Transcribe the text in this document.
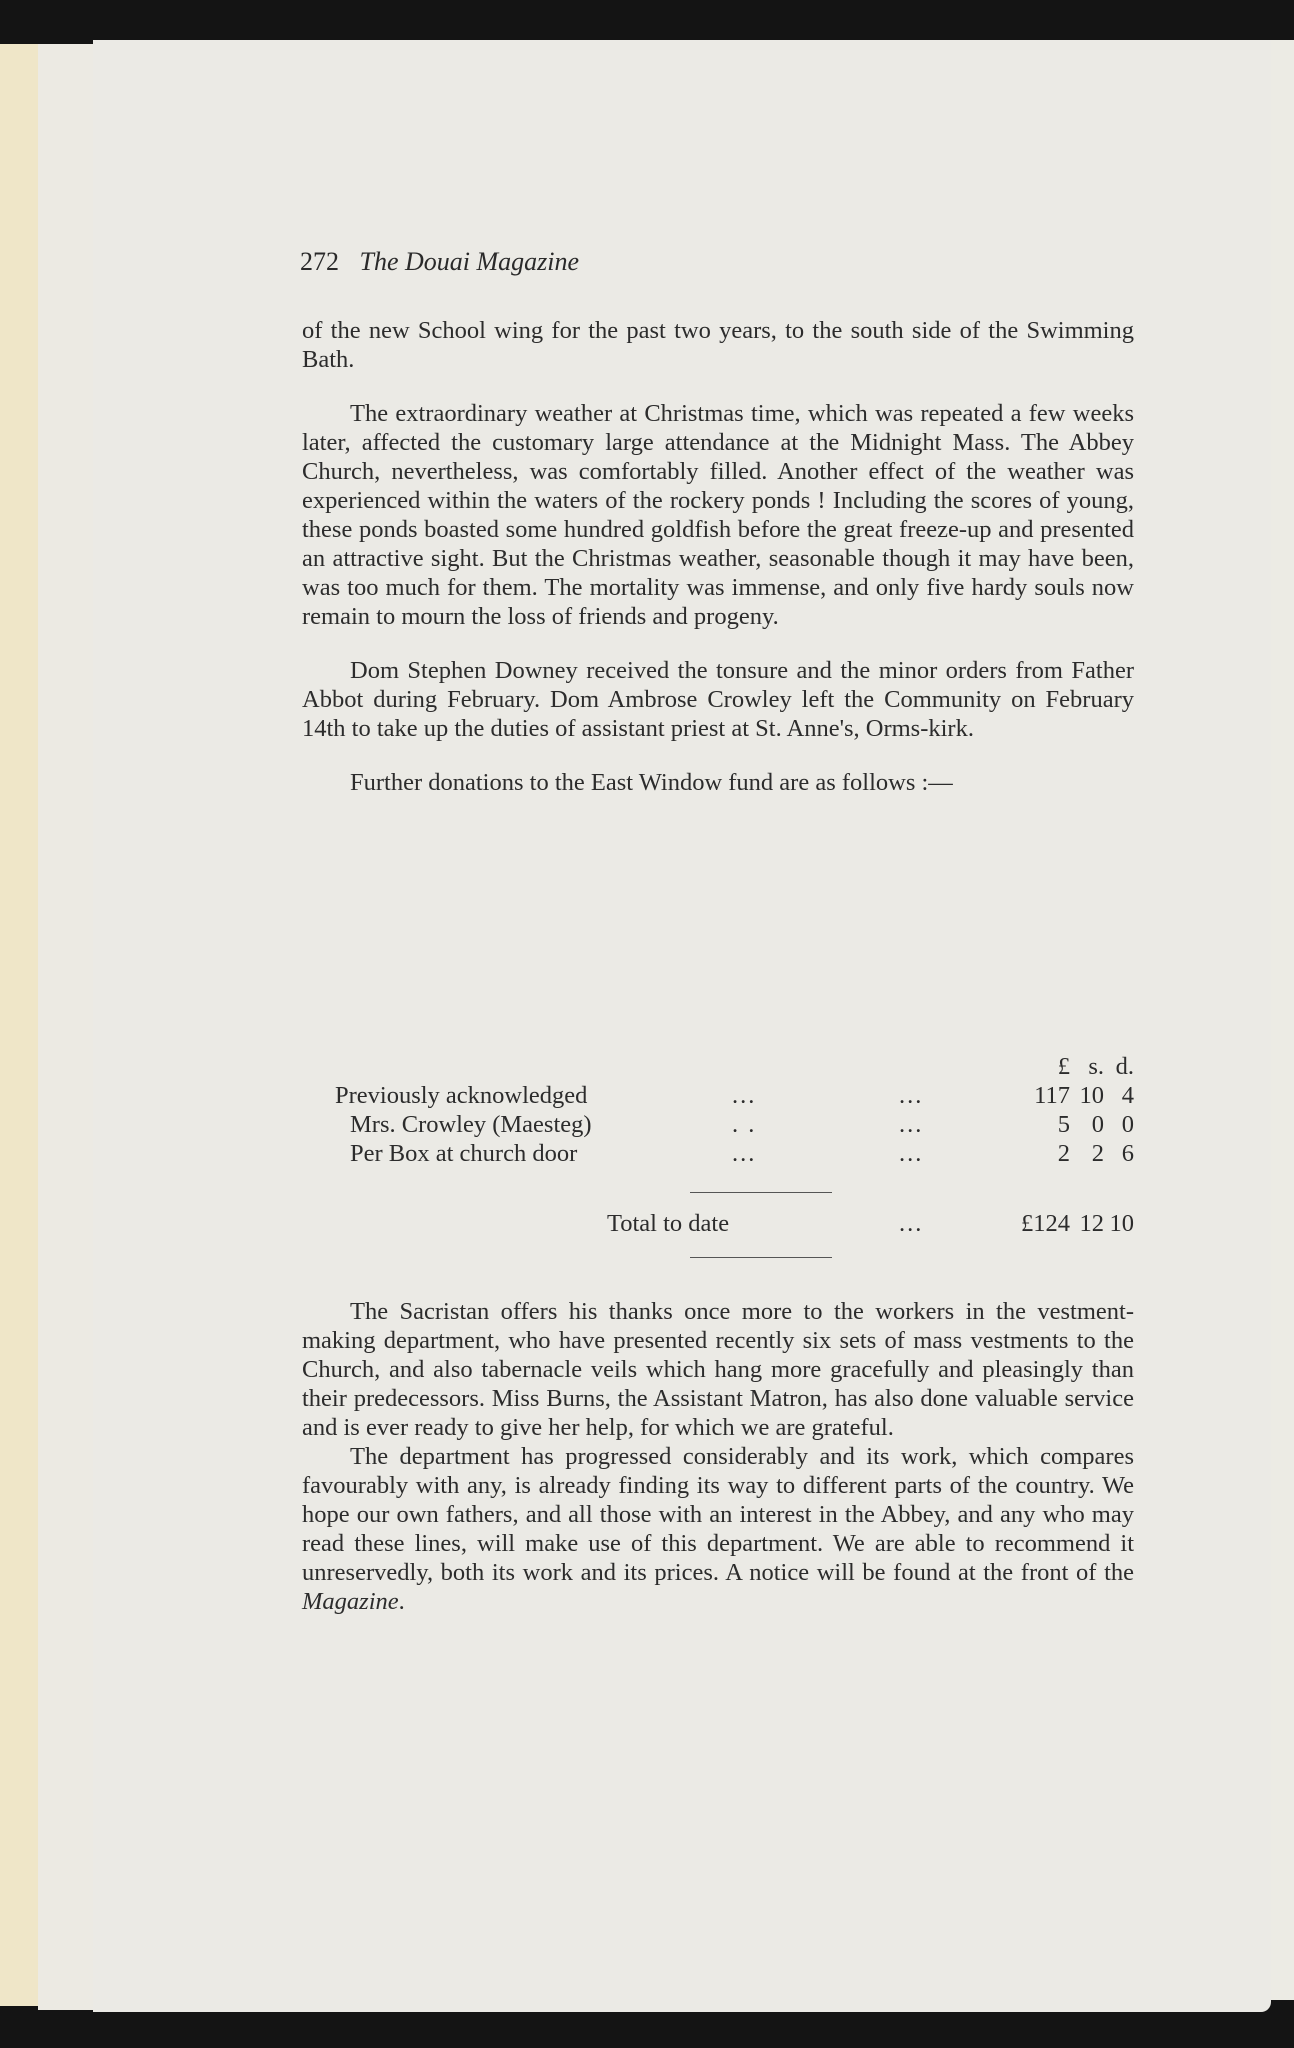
272 The Douai Magazine

of the new School wing for the past two years, to the south side of the Swimming Bath.

The extraordinary weather at Christmas time, which was repeated a few weeks later, affected the customary large attendance at the Midnight Mass. The Abbey Church, nevertheless, was comfortably filled. Another effect of the weather was experienced within the waters of the rockery ponds ! Including the scores of young, these ponds boasted some hundred goldfish before the great freeze-up and presented an attractive sight. But the Christmas weather, seasonable though it may have been, was too much for them. The mortality was immense, and only five hardy souls now remain to mourn the loss of friends and progeny.

Dom Stephen Downey received the tonsure and the minor orders from Father Abbot during February. Dom Ambrose Crowley left the Community on February 14th to take up the duties of assistant priest at St. Anne's, Orms-kirk.

Further donations to the East Window fund are as follows :—

£ s. d.
Previously acknowledged	...	...	117 10 4
Mrs. Crowley (Maesteg)	. .	...	5 0 0
Per Box at church door	...	...	2 2 6
Total to date	...	£124 12 10

The Sacristan offers his thanks once more to the workers in the vestment-making department, who have presented recently six sets of mass vestments to the Church, and also tabernacle veils which hang more gracefully and pleasingly than their predecessors. Miss Burns, the Assistant Matron, has also done valuable service and is ever ready to give her help, for which we are grateful.

The department has progressed considerably and its work, which compares favourably with any, is already finding its way to different parts of the country. We hope our own fathers, and all those with an interest in the Abbey, and any who may read these lines, will make use of this department. We are able to recommend it unreservedly, both its work and its prices. A notice will be found at the front of the Magazine.
